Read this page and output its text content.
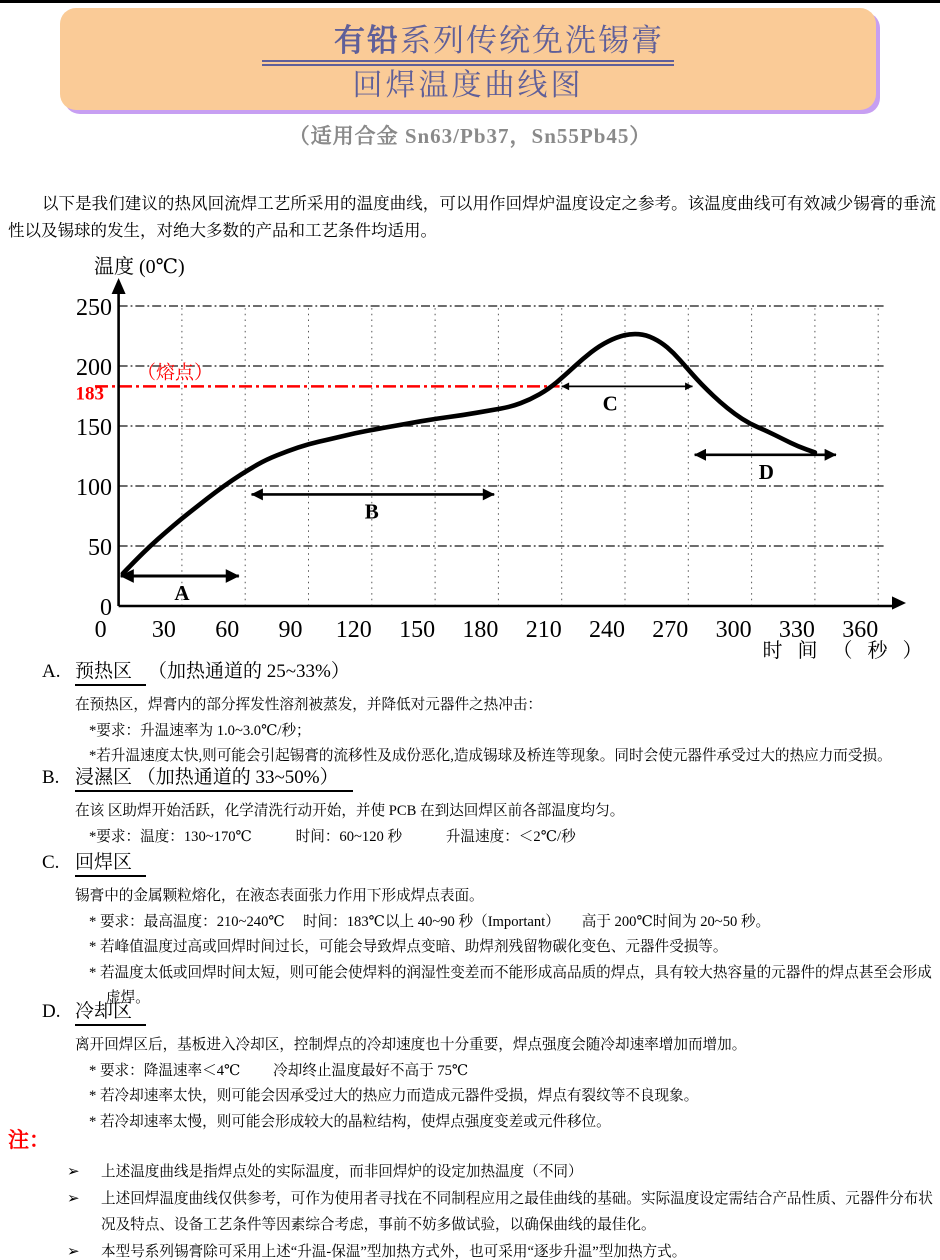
有铅系列传统免洗锡膏
回焊温度曲线图
（适用合金 Sn63/Pb37，Sn55Pb45）
以下是我们建议的热风回流焊工艺所采用的温度曲线，可以用作回焊炉温度设定之参考。该温度曲线可有效减少锡膏的垂流性以及锡球的发生，对绝大多数的产品和工艺条件均适用。
温度 (0℃)
A
B
C
D
0
50
100
150
200
250
183
0 30 60 90 120 150 180 210 240 270 300 330 360
（熔点）
时 间 （ 秒 ）
A. 预热区 （加热通道的 25~33%）
在预热区，焊膏内的部分挥发性溶剂被蒸发，并降低对元器件之热冲击：
*要求：升温速率为 1.0~3.0℃/秒；
*若升温速度太快,则可能会引起锡膏的流移性及成份恶化,造成锡球及桥连等现象。同时会使元器件承受过大的热应力而受损。
B. 浸濕区 （加热通道的 33~50%）
在该 区助焊开始活跃，化学清洗行动开始，并使 PCB 在到达回焊区前各部温度均匀。
*要求：温度：130~170℃　　　时间：60~120 秒　　　升温速度：＜2℃/秒
C. 回焊区
锡膏中的金属颗粒熔化，在液态表面张力作用下形成焊点表面。
* 要求：最高温度：210~240℃　 时间：183℃以上 40~90 秒（Important）　　高于 200℃时间为 20~50 秒。
* 若峰值温度过高或回焊时间过长，可能会导致焊点变暗、助焊剂残留物碳化变色、元器件受损等。
* 若温度太低或回焊时间太短，则可能会使焊料的润湿性变差而不能形成高品质的焊点，具有较大热容量的元器件的焊点甚至会形成虚焊。
D. 冷却区
离开回焊区后，基板进入冷却区，控制焊点的冷却速度也十分重要，焊点强度会随冷却速率增加而增加。
* 要求：降温速率＜4℃　　 冷却终止温度最好不高于 75℃
* 若冷却速率太快，则可能会因承受过大的热应力而造成元器件受损，焊点有裂纹等不良现象。
* 若冷却速率太慢，则可能会形成较大的晶粒结构，使焊点强度变差或元件移位。
注：
➢ 上述温度曲线是指焊点处的实际温度，而非回焊炉的设定加热温度（不同）
➢ 上述回焊温度曲线仅供参考，可作为使用者寻找在不同制程应用之最佳曲线的基础。实际温度设定需结合产品性质、元器件分布状况及特点、设备工艺条件等因素综合考虑，事前不妨多做试验，以确保曲线的最佳化。
➢ 本型号系列锡膏除可采用上述“升温-保温”型加热方式外，也可采用“逐步升温”型加热方式。
